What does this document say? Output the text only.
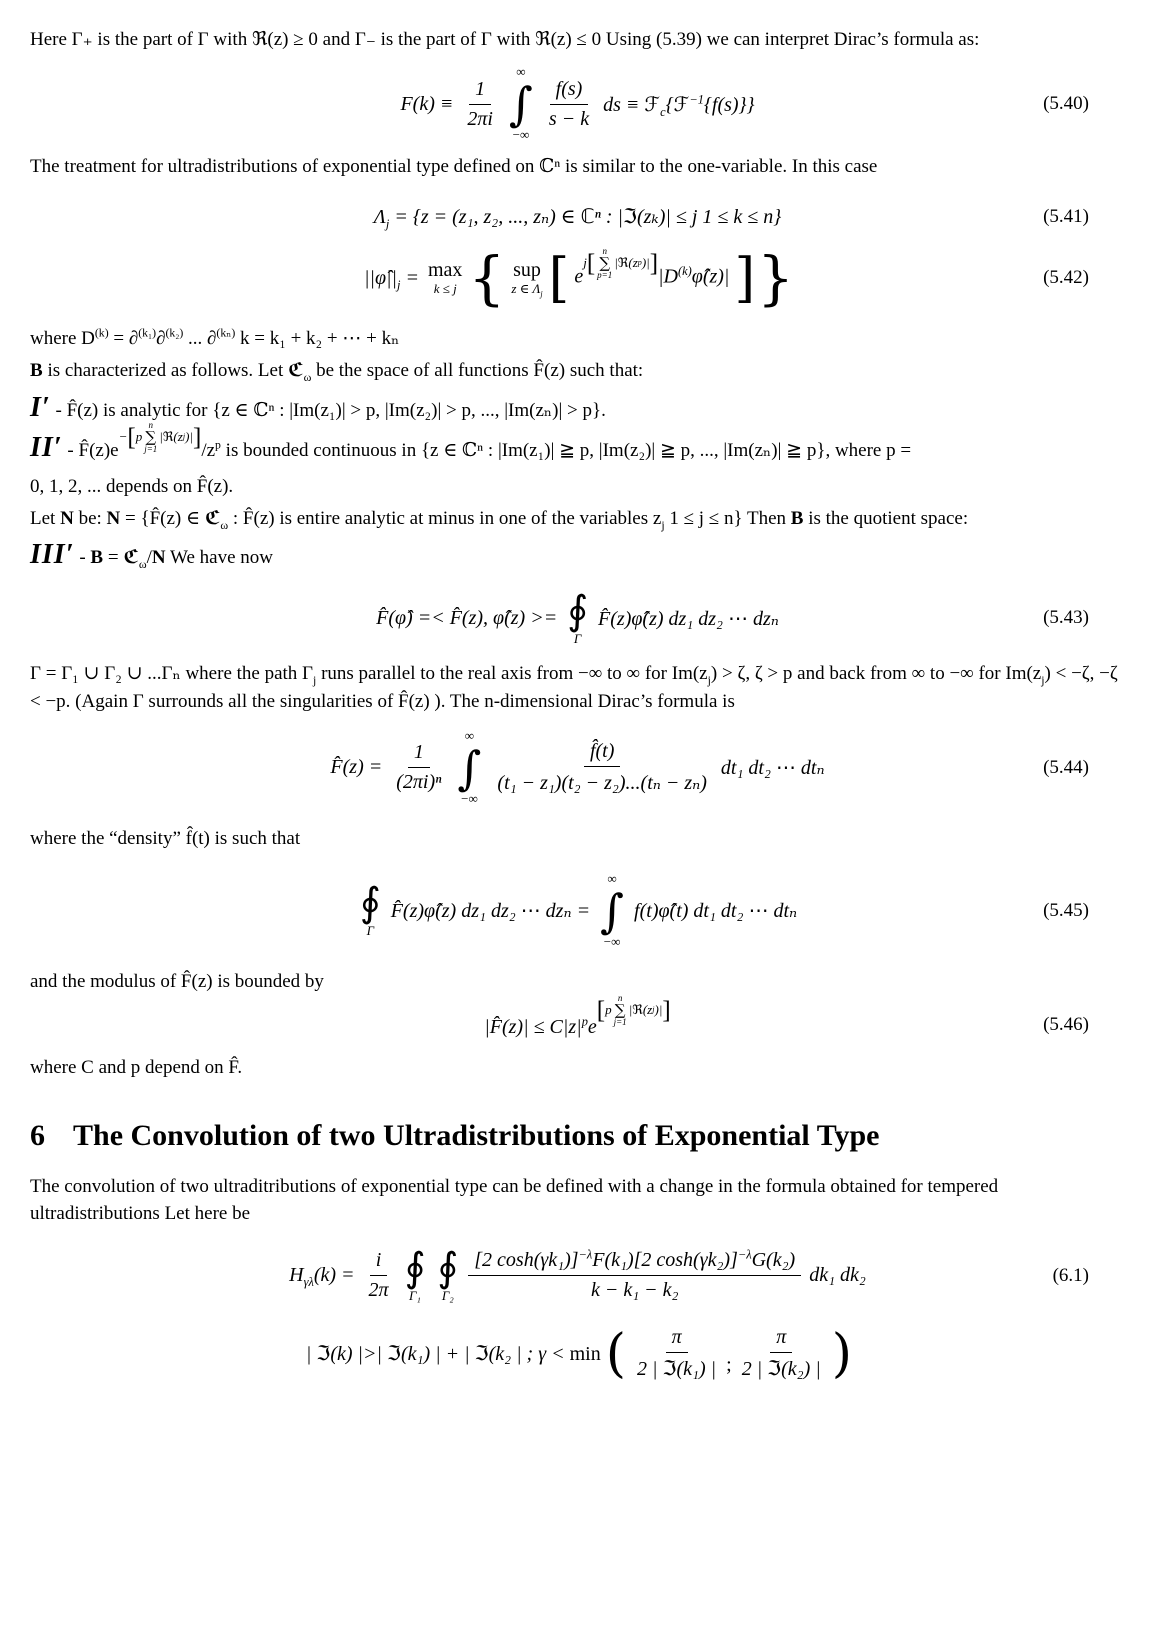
Here Γ₊ is the part of Γ with ℜ(z) ≥ 0 and Γ₋ is the part of Γ with ℜ(z) ≤ 0 Using (5.39) we can interpret Dirac’s formula as:

$F(k) \equiv \frac{1}{2\pi i}$
∞
∫
−∞
$\frac{f(s)}{s - k}$ ds ≡ ℱ$_c${ℱ$^{-1}${f(s)}}	(5.40)

The treatment for ultradistributions of exponential type defined on ℂⁿ is similar to the one-variable. In this case

$\Lambda_j = \{z = (z_1$, z₂, ..., zₙ) ∈ ℂⁿ : |ℑ(zₖ)| ≤ j 1 ≤ k ≤ n}	(5.41)
$||\varphî||_j = \max$
k ≤ j { sup
z ∈ $\Lambda_j$ [ e
j [ n
∑
p=1
|ℜ(z p )| ] $|D^{(k)}\varphî(z)|$ ] }	(5.42)

where $D^{(k)} = \partial^{(k_1)}\partial^{(k_2)}$ ... ∂$^{(k_n)}$ k = k₁ + k₂ + ⋯ + kₙ

B is characterized as follows. Let ℭ$_\omega$ be the space of all functions F̂(z) such that:

I′ - F̂(z) is analytic for {z ∈ ℂⁿ : |Im(z₁)| > p, |Im(z₂)| > p, ..., |Im(zₙ)| > p}.

II′ - F̂(z)e
− [ p
n
∑
j=1
|ℜ(z j )| ] $/z^p$ is bounded continuous in {z ∈ ℂⁿ : |Im(z₁)| ≧ p, |Im(z₂)| ≧ p, ..., |Im(zₙ)| ≧ p}, where p =

0, 1, 2, ... depends on F̂(z).

Let N be: N = {F̂(z) ∈ ℭ$_\omega$ : F̂(z) is entire analytic at minus in one of the variables $z_j$ 1 ≤ j ≤ n} Then B is the quotient space:

III′ - B = ℭ$_\omega$/N We have now

F̂(φ̂) =< F̂(z), φ̂(z) >= ∮
Γ
F̂(z)φ̂(z) dz₁ dz₂ ⋯ dzₙ	(5.43)

Γ = Γ₁ ∪ Γ₂ ∪ ...Γₙ where the path $\Gamma_j$ runs parallel to the real axis from −∞ to ∞ for $Im(z_j) > \zeta$, ζ > p and back from ∞ to −∞ for $Im(z_j) < -\zeta$, −ζ < −p. (Again Γ surrounds all the singularities of F̂(z) ). The n-dimensional Dirac’s formula is

F̂(z) = $\frac{1}{\text{(2πi)ⁿ}}$
∞
∫
−∞
$\frac{f̂(t)}{\text{(t₁ − z₁)(t₂ − z₂)...(tₙ − zₙ)}} dt_1$ dt₂ ⋯ dtₙ	(5.44)

where the “density” f̂(t) is such that

∮
Γ
F̂(z)φ̂(z) dz₁ dz₂ ⋯ dzₙ =
∞
∫
−∞
f(t)φ̂(t) dt₁ dt₂ ⋯ dtₙ	(5.45)

and the modulus of F̂(z) is bounded by

|F̂(z)| ≤ $C|z|^pe$
[ p
n
∑
j=1
|ℜ(z j )| ]
(5.46)

where C and p depend on F̂.

6 The Convolution of two Ultradistributions of Exponential Type

The convolution of two ultraditributions of exponential type can be defined with a change in the formula obtained for tempered ultradistributions Let here be

$H_{\gamma\lambda}(k) = \frac{i}{2\pi}$ ∮
Γ₁
∮
$\Gamma_2 \frac{[2 \cosh(\gamma k_1)]^{-\lambda}F(k_1)[2 \cosh(\gamma k_2)]^{-\lambda}G(k_2)}{\text{k − k₁ − k₂}} dk_1$ dk₂	(6.1)
| ℑ(k) |>| ℑ(k₁) | + | ℑ(k₂ | ; γ < min ( $\frac{\pi}{\text{2 | ℑ(k₁) |}}$ ; $\frac{\pi}{\text{2 | ℑ(k₂) |}}$ )
